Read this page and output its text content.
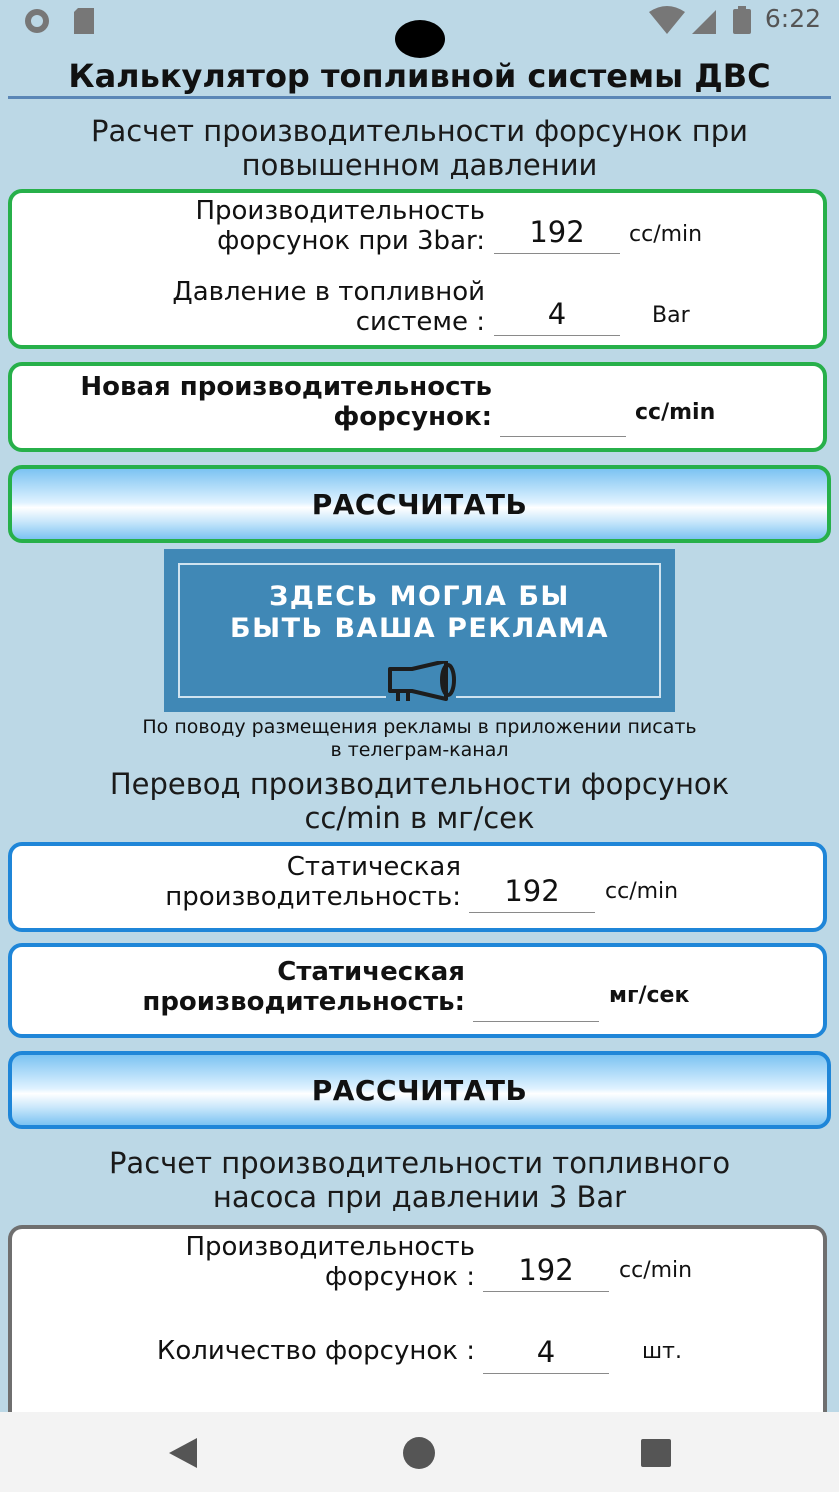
6:22
Калькулятор топливной системы ДВС
Расчет производительности форсунок при
повышенном давлении
Производительность
форсунок при 3bar:	192	cc/min
Давление в топливной
системе :	4	Bar
Новая производительность
форсунок:	cc/min
РАССЧИТАТЬ
ЗДЕСЬ МОГЛА БЫ
БЫТЬ ВАША РЕКЛАМА
По поводу размещения рекламы в приложении писать
в телеграм-канал
Перевод производительности форсунок
cc/min в мг/сек
Статическая
производительность:	192	cc/min
Статическая
производительность:	мг/сек
РАССЧИТАТЬ
Расчет производительности топливного
насоса при давлении 3 Bar
Производительность
форсунок :	192	cc/min
Количество форсунок :	4	шт.
